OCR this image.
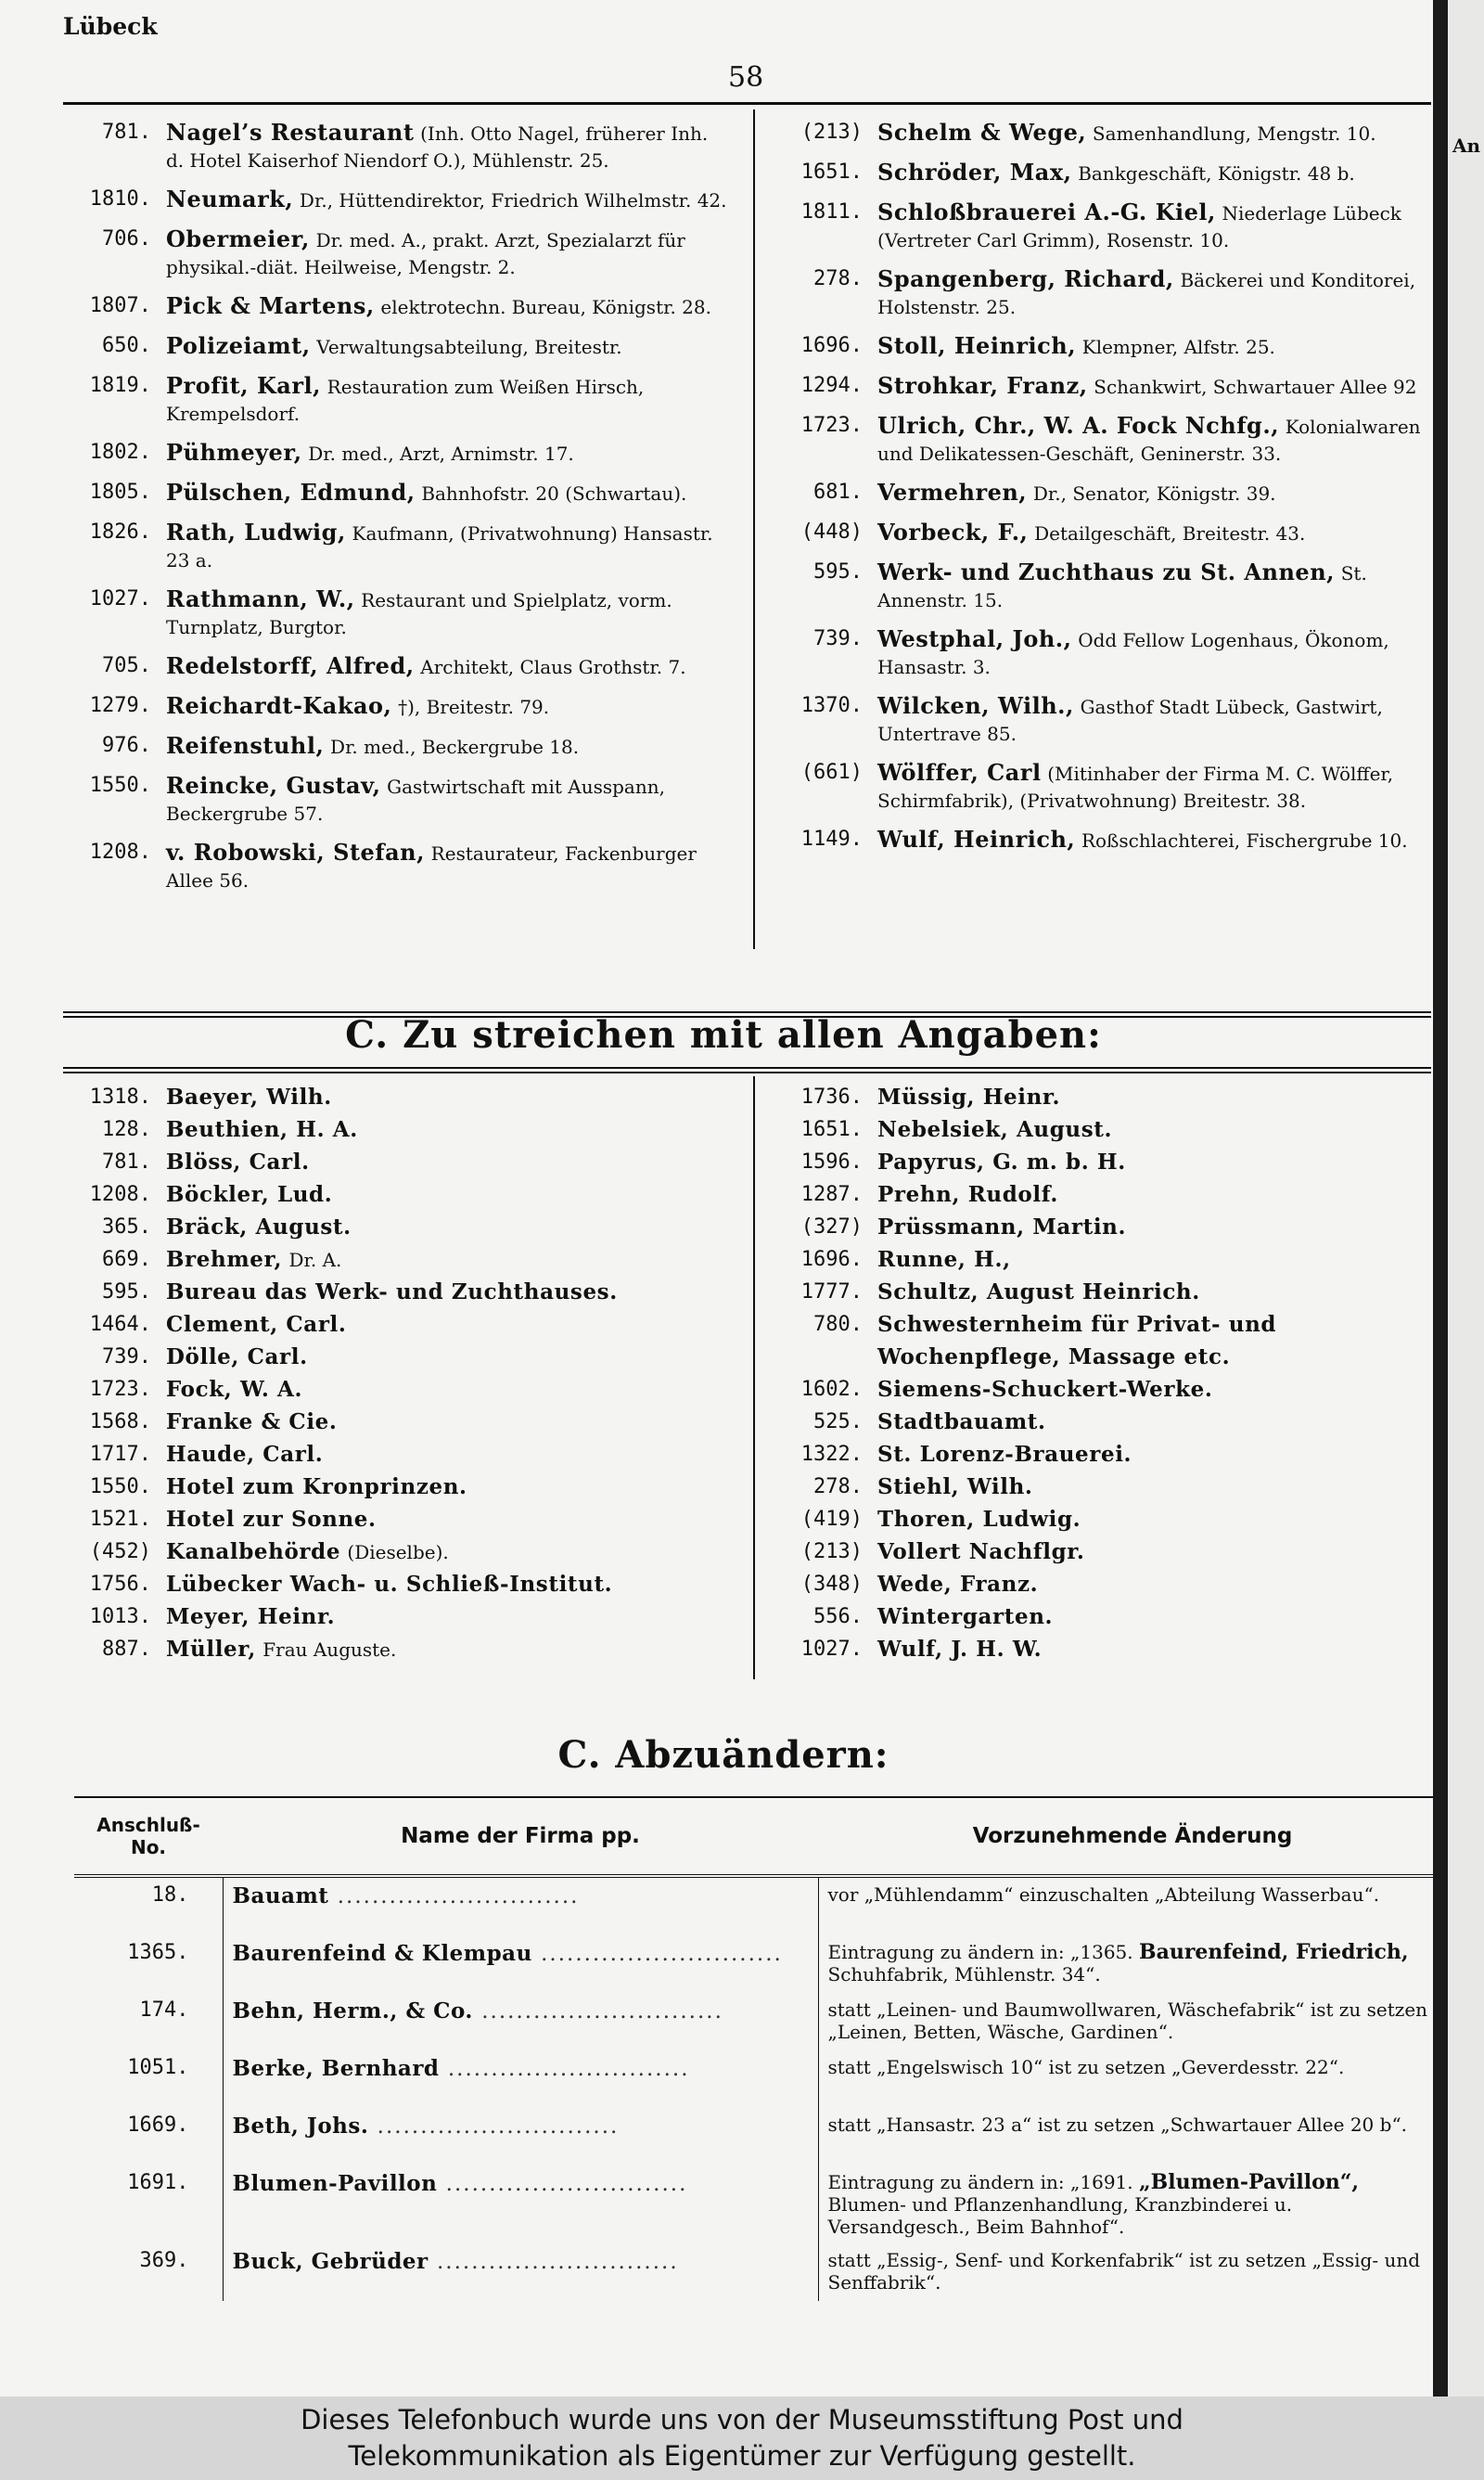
Lübeck
58
781. Nagel’s Restaurant (Inh. Otto Nagel, früherer Inh. d. Hotel Kaiserhof Niendorf O.), Mühlenstr. 25.
1810. Neumark, Dr., Hüttendirektor, Friedrich Wilhelmstr. 42.
706. Obermeier, Dr. med. A., prakt. Arzt, Spezialarzt für physikal.-diät. Heilweise, Mengstr. 2.
1807. Pick & Martens, elektrotechn. Bureau, Königstr. 28.
650. Polizeiamt, Verwaltungsabteilung, Breitestr.
1819. Profit, Karl, Restauration zum Weißen Hirsch, Krempelsdorf.
1802. Pühmeyer, Dr. med., Arzt, Arnimstr. 17.
1805. Pülschen, Edmund, Bahnhofstr. 20 (Schwartau).
1826. Rath, Ludwig, Kaufmann, (Privatwohnung) Hansastr. 23 a.
1027. Rathmann, W., Restaurant und Spielplatz, vorm. Turnplatz, Burgtor.
705. Redelstorff, Alfred, Architekt, Claus Grothstr. 7.
1279. Reichardt-Kakao, †), Breitestr. 79.
976. Reifenstuhl, Dr. med., Beckergrube 18.
1550. Reincke, Gustav, Gastwirtschaft mit Ausspann, Beckergrube 57.
1208. v. Robowski, Stefan, Restaurateur, Fackenburger Allee 56.
(213) Schelm & Wege, Samenhandlung, Mengstr. 10.
1651. Schröder, Max, Bankgeschäft, Königstr. 48 b.
1811. Schloßbrauerei A.-G. Kiel, Niederlage Lübeck (Vertreter Carl Grimm), Rosenstr. 10.
278. Spangenberg, Richard, Bäckerei und Konditorei, Holstenstr. 25.
1696. Stoll, Heinrich, Klempner, Alfstr. 25.
1294. Strohkar, Franz, Schankwirt, Schwartauer Allee 92
1723. Ulrich, Chr., W. A. Fock Nchfg., Kolonialwaren und Delikatessen-Geschäft, Geninerstr. 33.
681. Vermehren, Dr., Senator, Königstr. 39.
(448) Vorbeck, F., Detailgeschäft, Breitestr. 43.
595. Werk- und Zuchthaus zu St. Annen, St. Annenstr. 15.
739. Westphal, Joh., Odd Fellow Logenhaus, Ökonom, Hansastr. 3.
1370. Wilcken, Wilh., Gasthof Stadt Lübeck, Gastwirt, Untertrave 85.
(661) Wölffer, Carl (Mitinhaber der Firma M. C. Wölffer, Schirmfabrik), (Privatwohnung) Breitestr. 38.
1149. Wulf, Heinrich, Roßschlachterei, Fischergrube 10.
C. Zu streichen mit allen Angaben:
1318. Baeyer, Wilh.
128. Beuthien, H. A.
781. Blöss, Carl.
1208. Böckler, Lud.
365. Bräck, August.
669. Brehmer,
Dr. A.
595. Bureau das Werk- und Zuchthauses.
1464. Clement, Carl.
739. Dölle, Carl.
1723. Fock, W. A.
1568. Franke & Cie.
1717. Haude, Carl.
1550. Hotel zum Kronprinzen.
1521. Hotel zur Sonne.
(452) Kanalbehörde
(Dieselbe).
1756. Lübecker Wach- u. Schließ-Institut.
1013. Meyer, Heinr.
887. Müller,
Frau Auguste.
1736. Müssig, Heinr.
1651. Nebelsiek, August.
1596. Papyrus, G. m. b. H.
1287. Prehn, Rudolf.
(327) Prüssmann, Martin.
1696. Runne, H.,
1777. Schultz, August Heinrich.
780. Schwesternheim für Privat- und
Wochenpflege, Massage etc.
1602. Siemens-Schuckert-Werke.
525. Stadtbauamt.
1322. St. Lorenz-Brauerei.
278. Stiehl, Wilh.
(419) Thoren, Ludwig.
(213) Vollert Nachflgr.
(348) Wede, Franz.
556. Wintergarten.
1027. Wulf, J. H. W.
C. Abzuändern:
Anschluß-
No.	Name der Firma pp.	Vorzunehmende Änderung
18.	Bauamt ............................	vor „Mühlendamm“ einzuschalten „Abteilung Wasserbau“.
1365.	Baurenfeind & Klempau ............................	Eintragung zu ändern in: „1365. Baurenfeind, Friedrich, Schuhfabrik, Mühlenstr. 34“.
174.	Behn, Herm., & Co. ............................	statt „Leinen- und Baumwollwaren, Wäschefabrik“ ist zu setzen „Leinen, Betten, Wäsche, Gardinen“.
1051.	Berke, Bernhard ............................	statt „Engelswisch 10“ ist zu setzen „Geverdesstr. 22“.
1669.	Beth, Johs. ............................	statt „Hansastr. 23 a“ ist zu setzen „Schwartauer Allee 20 b“.
1691.	Blumen-Pavillon ............................	Eintragung zu ändern in: „1691. „Blumen-Pavillon“, Blumen- und Pflanzenhandlung, Kranzbinderei u. Versandgesch., Beim Bahnhof“.
369.	Buck, Gebrüder ............................	statt „Essig-, Senf- und Korkenfabrik“ ist zu setzen „Essig- und Senffabrik“.
An
Dieses Telefonbuch wurde uns von der Museumsstiftung Post und
Telekommunikation als Eigentümer zur Verfügung gestellt.
